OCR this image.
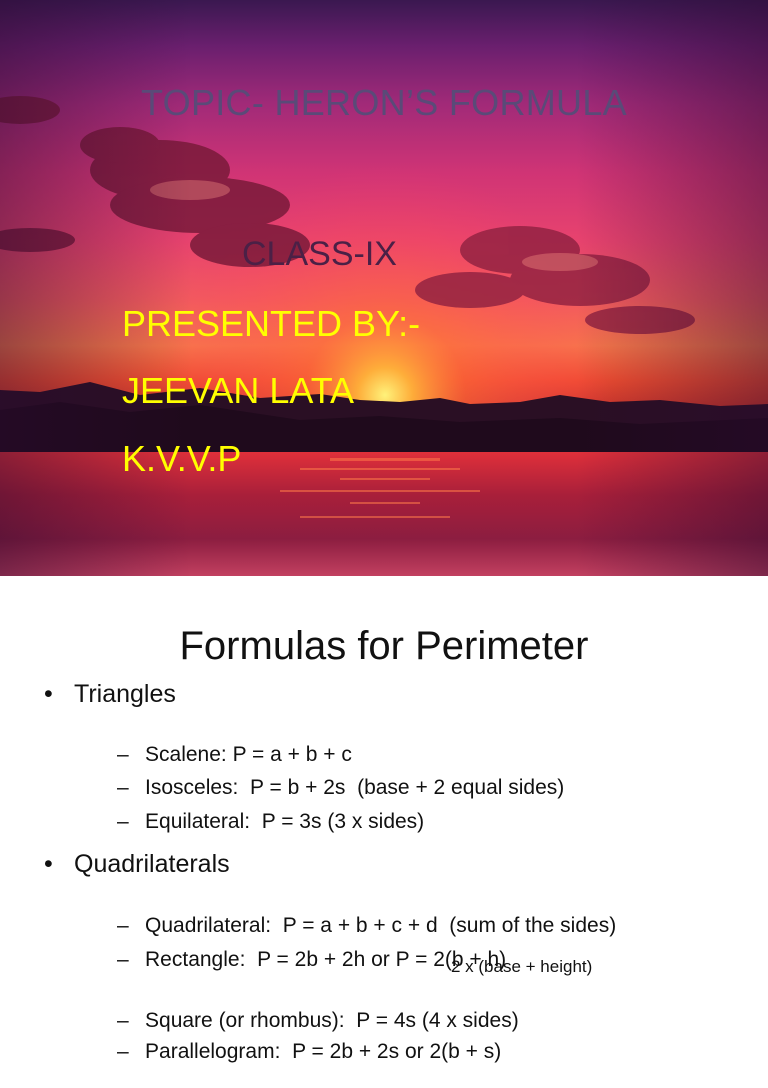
TOPIC- HERON’S FORMULA
CLASS-IX
PRESENTED BY:-
JEEVAN LATA
K.V.V.P
Formulas for Perimeter
• Triangles

– Scalene: P = a + b + c

– Isosceles:  P = b + 2s  (base + 2 equal sides)

– Equilateral:  P = 3s (3 x sides)

• Quadrilaterals

– Quadrilateral:  P = a + b + c + d  (sum of the sides)

– Rectangle:  P = 2b + 2h or P = 2(b + h)

2 x (base + height)

– Square (or rhombus):  P = 4s (4 x sides)

– Parallelogram:  P = 2b + 2s or 2(b + s)
